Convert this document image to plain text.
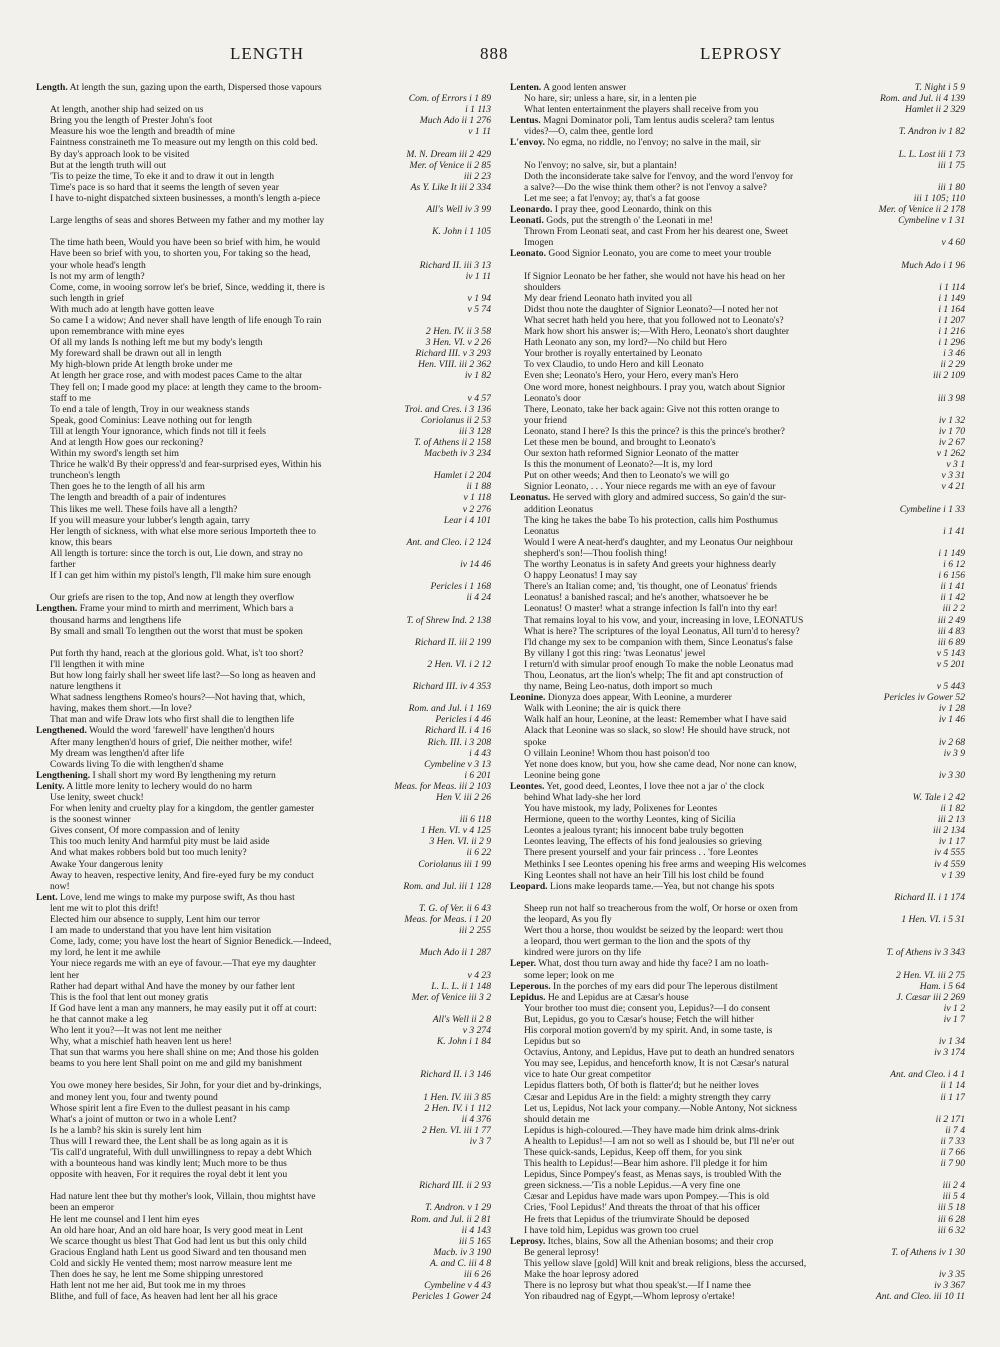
LENGTH	888	LEPROSY
Length. At length the sun, gazing upon the earth, Dispersed those vapours
Com. of Errors i 1 89
At length, another ship had seized on us	i 1 113
Bring you the length of Prester John's foot	Much Ado ii 1 276
Measure his woe the length and breadth of mine	v 1 11
Faintness constraineth me To measure out my length on this cold bed.
By day's approach look to be visited	M. N. Dream iii 2 429
But at the length truth will out	Mer. of Venice ii 2 85
'Tis to peize the time, To eke it and to draw it out in length	iii 2 23
Time's pace is so hard that it seems the length of seven year	As Y. Like It iii 2 334
I have to-night dispatched sixteen businesses, a month's length a-piece
All's Well iv 3 99
Large lengths of seas and shores Between my father and my mother lay
K. John i 1 105
The time hath been, Would you have been so brief with him, he would
Have been so brief with you, to shorten you, For taking so the head,
your whole head's length	Richard II. iii 3 13
Is not my arm of length?	iv 1 11
Come, come, in wooing sorrow let's be brief, Since, wedding it, there is
such length in grief	v 1 94
With much ado at length have gotten leave	v 5 74
So came I a widow; And never shall have length of life enough To rain
upon remembrance with mine eyes	2 Hen. IV. ii 3 58
Of all my lands Is nothing left me but my body's length	3 Hen. VI. v 2 26
My foreward shall be drawn out all in length	Richard III. v 3 293
My high-blown pride At length broke under me	Hen. VIII. iii 2 362
At length her grace rose, and with modest paces Came to the altar	iv 1 82
They fell on; I made good my place: at length they came to the broom-
staff to me	v 4 57
To end a tale of length, Troy in our weakness stands	Troi. and Cres. i 3 136
Speak, good Cominius: Leave nothing out for length	Coriolanus ii 2 53
Till at length Your ignorance, which finds not till it feels	iii 3 128
And at length How goes our reckoning?	T. of Athens ii 2 158
Within my sword's length set him	Macbeth iv 3 234
Thrice he walk'd By their oppress'd and fear-surprised eyes, Within his
truncheon's length	Hamlet i 2 204
Then goes he to the length of all his arm	ii 1 88
The length and breadth of a pair of indentures	v 1 118
This likes me well. These foils have all a length?	v 2 276
If you will measure your lubber's length again, tarry	Lear i 4 101
Her length of sickness, with what else more serious Importeth thee to
know, this bears	Ant. and Cleo. i 2 124
All length is torture: since the torch is out, Lie down, and stray no
farther	iv 14 46
If I can get him within my pistol's length, I'll make him sure enough
Pericles i 1 168
Our griefs are risen to the top, And now at length they overflow	ii 4 24
Lengthen. Frame your mind to mirth and merriment, Which bars a
thousand harms and lengthens life	T. of Shrew Ind. 2 138
By small and small To lengthen out the worst that must be spoken
Richard II. iii 2 199
Put forth thy hand, reach at the glorious gold. What, is't too short?
I'll lengthen it with mine	2 Hen. VI. i 2 12
But how long fairly shall her sweet life last?—So long as heaven and
nature lengthens it	Richard III. iv 4 353
What sadness lengthens Romeo's hours?—Not having that, which,
having, makes them short.—In love?	Rom. and Jul. i 1 169
That man and wife Draw lots who first shall die to lengthen life	Pericles i 4 46
Lengthened. Would the word 'farewell' have lengthen'd hours	Richard II. i 4 16
After many lengthen'd hours of grief, Die neither mother, wife!	Rich. III. i 3 208
My dream was lengthen'd after life	i 4 43
Cowards living To die with lengthen'd shame	Cymbeline v 3 13
Lengthening. I shall short my word By lengthening my return	i 6 201
Lenity. A little more lenity to lechery would do no harm	Meas. for Meas. iii 2 103
Use lenity, sweet chuck!	Hen V. iii 2 26
For when lenity and cruelty play for a kingdom, the gentler gamester
is the soonest winner	iii 6 118
Gives consent, Of more compassion and of lenity	1 Hen. VI. v 4 125
This too much lenity And harmful pity must be laid aside	3 Hen. VI. ii 2 9
And what makes robbers bold but too much lenity?	ii 6 22
Awake Your dangerous lenity	Coriolanus iii 1 99
Away to heaven, respective lenity, And fire-eyed fury be my conduct
now!	Rom. and Jul. iii 1 128
Lent. Love, lend me wings to make my purpose swift, As thou hast
lent me wit to plot this drift!	T. G. of Ver. ii 6 43
Elected him our absence to supply, Lent him our terror	Meas. for Meas. i 1 20
I am made to understand that you have lent him visitation	iii 2 255
Come, lady, come; you have lost the heart of Signior Benedick.—Indeed,
my lord, he lent it me awhile	Much Ado ii 1 287
Your niece regards me with an eye of favour.—That eye my daughter
lent her	v 4 23
Rather had depart withal And have the money by our father lent	L. L. L. ii 1 148
This is the fool that lent out money gratis	Mer. of Venice iii 3 2
If God have lent a man any manners, he may easily put it off at court:
he that cannot make a leg	All's Well ii 2 8
Who lent it you?—It was not lent me neither	v 3 274
Why, what a mischief hath heaven lent us here!	K. John i 1 84
That sun that warms you here shall shine on me; And those his golden
beams to you here lent Shall point on me and gild my banishment
Richard II. i 3 146
You owe money here besides, Sir John, for your diet and by-drinkings,
and money lent you, four and twenty pound	1 Hen. IV. iii 3 85
Whose spirit lent a fire Even to the dullest peasant in his camp	2 Hen. IV. i 1 112
What's a joint of mutton or two in a whole Lent?	ii 4 376
Is he a lamb? his skin is surely lent him	2 Hen. VI. iii 1 77
Thus will I reward thee, the Lent shall be as long again as it is	iv 3 7
'Tis call'd ungrateful, With dull unwillingness to repay a debt Which
with a bounteous hand was kindly lent; Much more to be thus
opposite with heaven, For it requires the royal debt it lent you
Richard III. ii 2 93
Had nature lent thee but thy mother's look, Villain, thou mightst have
been an emperor	T. Andron. v 1 29
He lent me counsel and I lent him eyes	Rom. and Jul. ii 2 81
An old hare hoar, And an old hare hoar, Is very good meat in Lent	ii 4 143
We scarce thought us blest That God had lent us but this only child	iii 5 165
Gracious England hath Lent us good Siward and ten thousand men	Macb. iv 3 190
Cold and sickly He vented them; most narrow measure lent me	A. and C. iii 4 8
Then does he say, he lent me Some shipping unrestored	iii 6 26
Hath lent not me her aid, But took me in my throes	Cymbeline v 4 43
Blithe, and full of face, As heaven had lent her all his grace	Pericles 1 Gower 24
Lenten. A good lenten answer	T. Night i 5 9
No hare, sir; unless a hare, sir, in a lenten pie	Rom. and Jul. ii 4 139
What lenten entertainment the players shall receive from you	Hamlet ii 2 329
Lentus. Magni Dominator poli, Tam lentus audis scelera? tam lentus
vides?—O, calm thee, gentle lord	T. Andron iv 1 82
L'envoy. No egma, no riddle, no l'envoy; no salve in the mail, sir
L. L. Lost iii 1 73
No l'envoy; no salve, sir, but a plantain!	iii 1 75
Doth the inconsiderate take salve for l'envoy, and the word l'envoy for
a salve?—Do the wise think them other? is not l'envoy a salve?	iii 1 80
Let me see; a fat l'envoy; ay, that's a fat goose	iii 1 105; 110
Leonardo. I pray thee, good Leonardo, think on this	Mer. of Venice ii 2 178
Leonati. Gods, put the strength o' the Leonati in me!	Cymbeline v 1 31
Thrown From Leonati seat, and cast From her his dearest one, Sweet
Imogen	v 4 60
Leonato. Good Signior Leonato, you are come to meet your trouble
Much Ado i 1 96
If Signior Leonato be her father, she would not have his head on her
shoulders	i 1 114
My dear friend Leonato hath invited you all	i 1 149
Didst thou note the daughter of Signior Leonato?—I noted her not	i 1 164
What secret hath held you here, that you followed not to Leonato's?	i 1 207
Mark how short his answer is;—With Hero, Leonato's short daughter	i 1 216
Hath Leonato any son, my lord?—No child but Hero	i 1 296
Your brother is royally entertained by Leonato	i 3 46
To vex Claudio, to undo Hero and kill Leonato	ii 2 29
Even she; Leonato's Hero, your Hero, every man's Hero	iii 2 109
One word more, honest neighbours. I pray you, watch about Signior
Leonato's door	iii 3 98
There, Leonato, take her back again: Give not this rotten orange to
your friend	iv 1 32
Leonato, stand I here? Is this the prince? is this the prince's brother?	iv 1 70
Let these men be bound, and brought to Leonato's	iv 2 67
Our sexton hath reformed Signior Leonato of the matter	v 1 262
Is this the monument of Leonato?—It is, my lord	v 3 1
Put on other weeds; And then to Leonato's we will go	v 3 31
Signior Leonato, . . . Your niece regards me with an eye of favour	v 4 21
Leonatus. He served with glory and admired success, So gain'd the sur-
addition Leonatus	Cymbeline i 1 33
The king he takes the babe To his protection, calls him Posthumus
Leonatus	i 1 41
Would I were A neat-herd's daughter, and my Leonatus Our neighbour
shepherd's son!—Thou foolish thing!	i 1 149
The worthy Leonatus is in safety And greets your highness dearly	i 6 12
O happy Leonatus! I may say	i 6 156
There's an Italian come; and, 'tis thought, one of Leonatus' friends	ii 1 41
Leonatus! a banished rascal; and he's another, whatsoever he be	ii 1 42
Leonatus! O master! what a strange infection Is fall'n into thy ear!	iii 2 2
That remains loyal to his vow, and your, increasing in love, LEONATUS	iii 2 49
What is here? The scriptures of the loyal Leonatus, All turn'd to heresy?	iii 4 83
I'ld change my sex to be companion with them, Since Leonatus's false	iii 6 89
By villany I got this ring: 'twas Leonatus' jewel	v 5 143
I return'd with simular proof enough To make the noble Leonatus mad	v 5 201
Thou, Leonatus, art the lion's whelp; The fit and apt construction of
thy name, Being Leo-natus, doth import so much	v 5 443
Leonine. Dionyza does appear, With Leonine, a murderer	Pericles iv Gower 52
Walk with Leonine; the air is quick there	iv 1 28
Walk half an hour, Leonine, at the least: Remember what I have said	iv 1 46
Alack that Leonine was so slack, so slow! He should have struck, not
spoke	iv 2 68
O villain Leonine! Whom thou hast poison'd too	iv 3 9
Yet none does know, but you, how she came dead, Nor none can know,
Leonine being gone	iv 3 30
Leontes. Yet, good deed, Leontes, I love thee not a jar o' the clock
behind What lady-she her lord	W. Tale i 2 42
You have mistook, my lady, Polixenes for Leontes	ii 1 82
Hermione, queen to the worthy Leontes, king of Sicilia	iii 2 13
Leontes a jealous tyrant; his innocent babe truly begotten	iii 2 134
Leontes leaving, The effects of his fond jealousies so grieving	iv 1 17
There present yourself and your fair princess . . 'fore Leontes	iv 4 555
Methinks I see Leontes opening his free arms and weeping His welcomes	iv 4 559
King Leontes shall not have an heir Till his lost child be found	v 1 39
Leopard. Lions make leopards tame.—Yea, but not change his spots
Richard II. i 1 174
Sheep run not half so treacherous from the wolf, Or horse or oxen from
the leopard, As you fly	1 Hen. VI. i 5 31
Wert thou a horse, thou wouldst be seized by the leopard: wert thou
a leopard, thou wert german to the lion and the spots of thy
kindred were jurors on thy life	T. of Athens iv 3 343
Leper. What, dost thou turn away and hide thy face? I am no loath-
some leper; look on me	2 Hen. VI. iii 2 75
Leperous. In the porches of my ears did pour The leperous distilment	Ham. i 5 64
Lepidus. He and Lepidus are at Cæsar's house	J. Cæsar iii 2 269
Your brother too must die; consent you, Lepidus?—I do consent	iv 1 2
But, Lepidus, go you to Cæsar's house; Fetch the will hither	iv 1 7
His corporal motion govern'd by my spirit. And, in some taste, is
Lepidus but so	iv 1 34
Octavius, Antony, and Lepidus, Have put to death an hundred senators	iv 3 174
You may see, Lepidus, and henceforth know, It is not Cæsar's natural
vice to hate Our great competitor	Ant. and Cleo. i 4 1
Lepidus flatters both, Of both is flatter'd; but he neither loves	ii 1 14
Cæsar and Lepidus Are in the field: a mighty strength they carry	ii 1 17
Let us, Lepidus, Not lack your company.—Noble Antony, Not sickness
should detain me	ii 2 171
Lepidus is high-coloured.—They have made him drink alms-drink	ii 7 4
A health to Lepidus!—I am not so well as I should be, but I'll ne'er out	ii 7 33
These quick-sands, Lepidus, Keep off them, for you sink	ii 7 66
This health to Lepidus!—Bear him ashore. I'll pledge it for him	ii 7 90
Lepidus, Since Pompey's feast, as Menas says, is troubled With the
green sickness.—'Tis a noble Lepidus.—A very fine one	iii 2 4
Cæsar and Lepidus have made wars upon Pompey.—This is old	iii 5 4
Cries, 'Fool Lepidus!' And threats the throat of that his officer	iii 5 18
He frets that Lepidus of the triumvirate Should be deposed	iii 6 28
I have told him, Lepidus was grown too cruel	iii 6 32
Leprosy. Itches, blains, Sow all the Athenian bosoms; and their crop
Be general leprosy!	T. of Athens iv 1 30
This yellow slave [gold] Will knit and break religions, bless the accursed,
Make the hoar leprosy adored	iv 3 35
There is no leprosy but what thou speak'st.—If I name thee	iv 3 367
Yon ribaudred nag of Egypt,—Whom leprosy o'ertake!	Ant. and Cleo. iii 10 11
